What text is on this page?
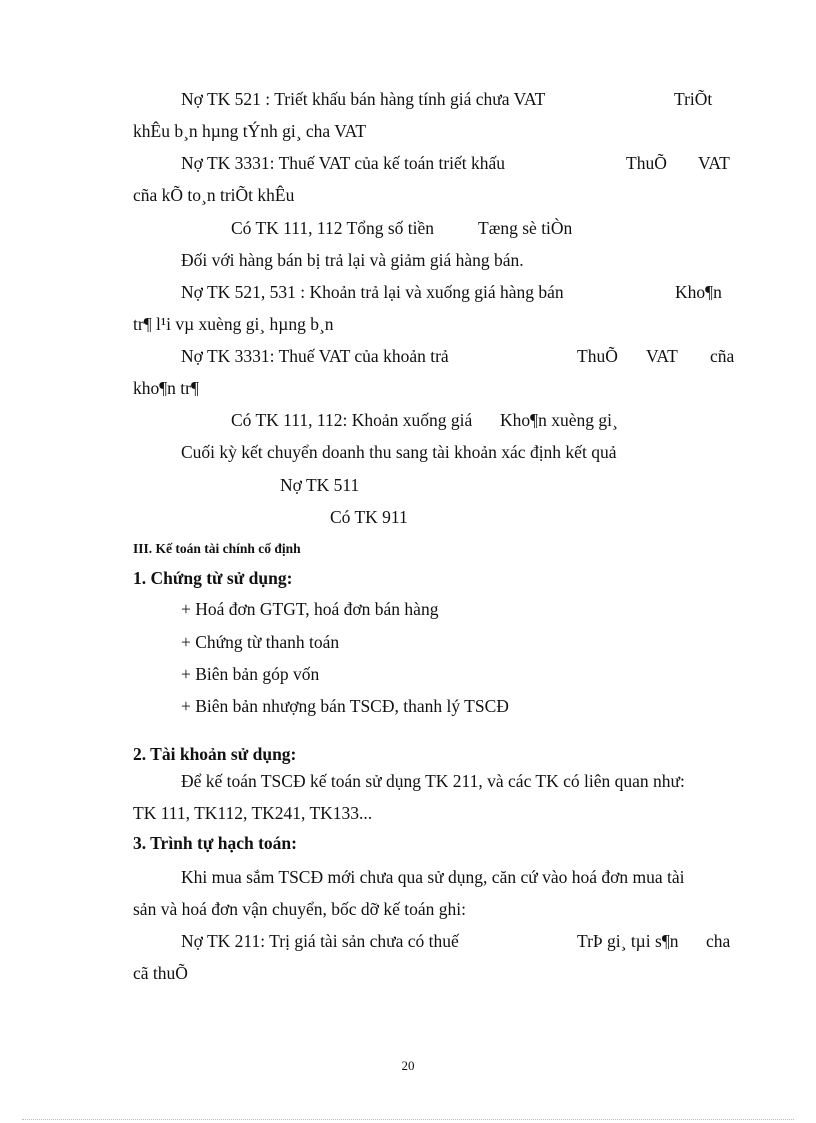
Nợ TK 521 : Triết khấu bán hàng tính giá chưa VAT	TriÕt
khÊu b¸n hµng tÝnh gi¸ cha VAT
Nợ TK 3331: Thuế VAT của kế toán triết khấu	ThuÕ VAT
cña kÕ to¸n triÕt khÊu
Có TK 111, 112 Tổng số tiền	Tæng sè tiÒn
Đối với hàng bán bị trả lại và giảm giá hàng bán.
Nợ TK 521, 531 : Khoản trả lại và xuống giá hàng bán	Kho¶n
tr¶ l¹i vµ xuèng gi¸ hµng b¸n
Nợ TK 3331: Thuế VAT của khoản trả	ThuÕ VAT cña
kho¶n tr¶
Có TK 111, 112: Khoản xuống giá Kho¶n xuèng gi¸
Cuối kỳ kết chuyển doanh thu sang tài khoản xác định kết quả
Nợ TK 511
Có TK 911
III. Kế toán tài chính cố định
1. Chứng từ sử dụng:
+ Hoá đơn GTGT, hoá đơn bán hàng
+ Chứng từ thanh toán
+ Biên bản góp vốn
+ Biên bản nhượng bán TSCĐ, thanh lý TSCĐ
2. Tài khoản sử dụng:
Để kế toán TSCĐ kế toán sử dụng TK 211, và các TK có liên quan như:
TK 111, TK112, TK241, TK133...
3. Trình tự hạch toán:
Khi mua sắm TSCĐ mới chưa qua sử dụng, căn cứ vào hoá đơn mua tài
sản và hoá đơn vận chuyển, bốc dỡ kế toán ghi:
Nợ TK 211: Trị giá tài sản chưa có thuế	TrÞ gi¸ tµi s¶n cha
cã thuÕ
20
